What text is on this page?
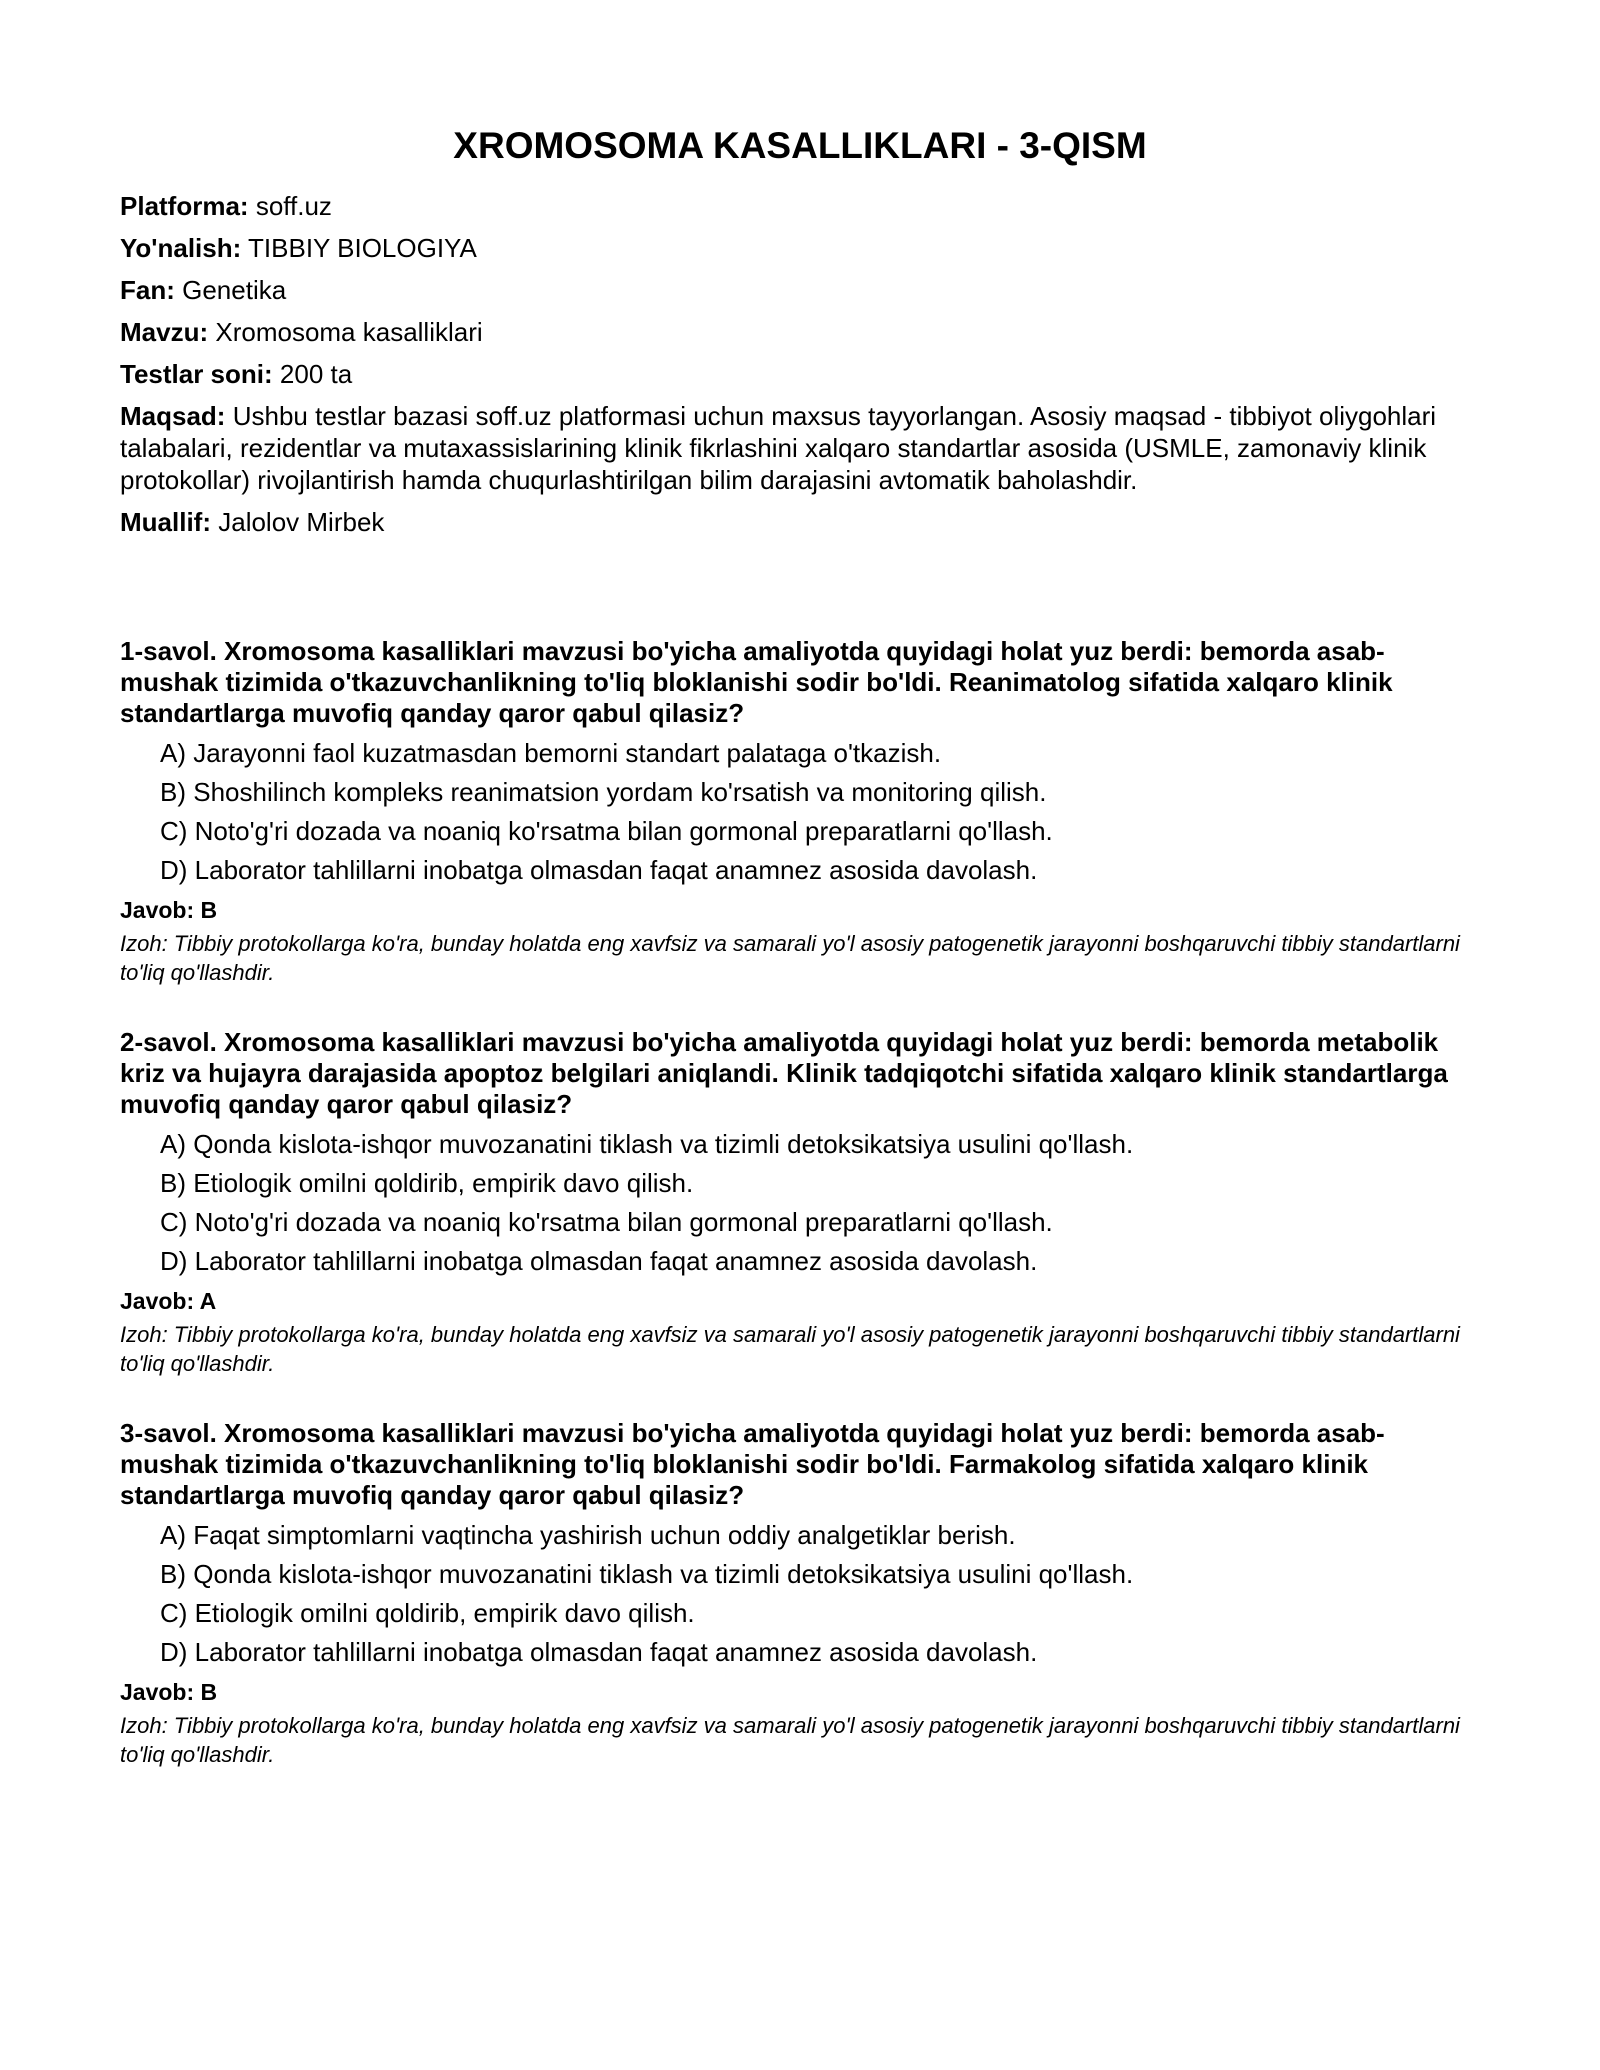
XROMOSOMA KASALLIKLARI - 3-QISM

Platforma: soff.uz

Yo'nalish: TIBBIY BIOLOGIYA

Fan: Genetika

Mavzu: Xromosoma kasalliklari

Testlar soni: 200 ta

Maqsad: Ushbu testlar bazasi soff.uz platformasi uchun maxsus tayyorlangan. Asosiy maqsad - tibbiyot oliygohlari talabalari, rezidentlar va mutaxassislarining klinik fikrlashini xalqaro standartlar asosida (USMLE, zamonaviy klinik protokollar) rivojlantirish hamda chuqurlashtirilgan bilim darajasini avtomatik baholashdir.

Muallif: Jalolov Mirbek

1-savol. Xromosoma kasalliklari mavzusi bo'yicha amaliyotda quyidagi holat yuz berdi: bemorda asab-mushak tizimida o'tkazuvchanlikning to'liq bloklanishi sodir bo'ldi. Reanimatolog sifatida xalqaro klinik standartlarga muvofiq qanday qaror qabul qilasiz?

A) Jarayonni faol kuzatmasdan bemorni standart palataga o'tkazish.
B) Shoshilinch kompleks reanimatsion yordam ko'rsatish va monitoring qilish.
C) Noto'g'ri dozada va noaniq ko'rsatma bilan gormonal preparatlarni qo'llash.
D) Laborator tahlillarni inobatga olmasdan faqat anamnez asosida davolash.

Javob: B

Izoh: Tibbiy protokollarga ko'ra, bunday holatda eng xavfsiz va samarali yo'l asosiy patogenetik jarayonni boshqaruvchi tibbiy standartlarni to'liq qo'llashdir.

2-savol. Xromosoma kasalliklari mavzusi bo'yicha amaliyotda quyidagi holat yuz berdi: bemorda metabolik kriz va hujayra darajasida apoptoz belgilari aniqlandi. Klinik tadqiqotchi sifatida xalqaro klinik standartlarga muvofiq qanday qaror qabul qilasiz?

A) Qonda kislota-ishqor muvozanatini tiklash va tizimli detoksikatsiya usulini qo'llash.
B) Etiologik omilni qoldirib, empirik davo qilish.
C) Noto'g'ri dozada va noaniq ko'rsatma bilan gormonal preparatlarni qo'llash.
D) Laborator tahlillarni inobatga olmasdan faqat anamnez asosida davolash.

Javob: A

Izoh: Tibbiy protokollarga ko'ra, bunday holatda eng xavfsiz va samarali yo'l asosiy patogenetik jarayonni boshqaruvchi tibbiy standartlarni to'liq qo'llashdir.

3-savol. Xromosoma kasalliklari mavzusi bo'yicha amaliyotda quyidagi holat yuz berdi: bemorda asab-mushak tizimida o'tkazuvchanlikning to'liq bloklanishi sodir bo'ldi. Farmakolog sifatida xalqaro klinik standartlarga muvofiq qanday qaror qabul qilasiz?

A) Faqat simptomlarni vaqtincha yashirish uchun oddiy analgetiklar berish.
B) Qonda kislota-ishqor muvozanatini tiklash va tizimli detoksikatsiya usulini qo'llash.
C) Etiologik omilni qoldirib, empirik davo qilish.
D) Laborator tahlillarni inobatga olmasdan faqat anamnez asosida davolash.

Javob: B

Izoh: Tibbiy protokollarga ko'ra, bunday holatda eng xavfsiz va samarali yo'l asosiy patogenetik jarayonni boshqaruvchi tibbiy standartlarni to'liq qo'llashdir.
